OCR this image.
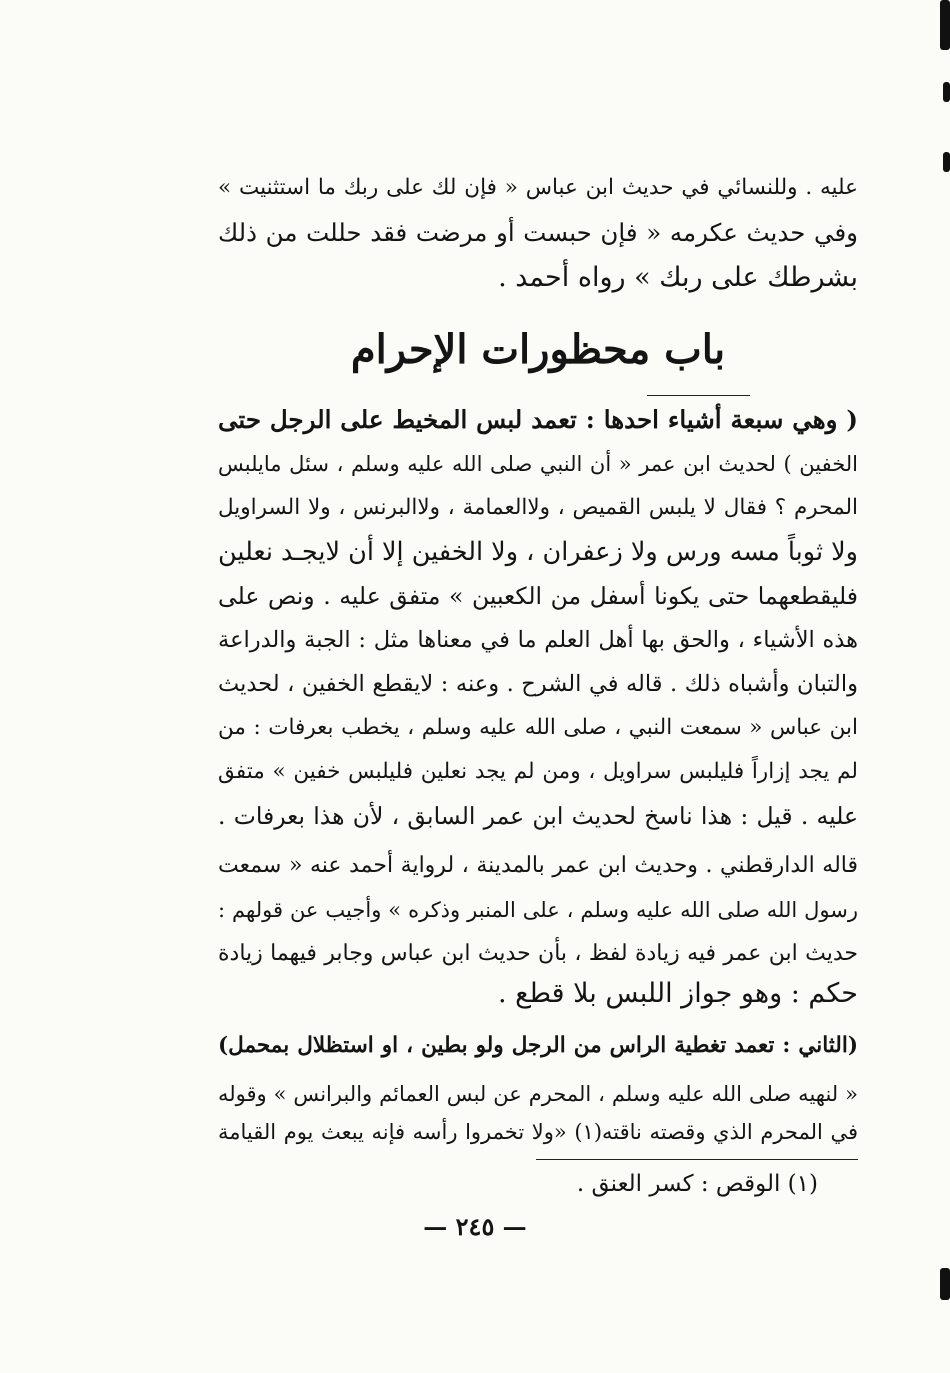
عليه . وللنسائي في حديث ابن عباس « فإن لك على ربك ما استثنيت »
وفي حديث عكرمه « فإن حبست أو مرضت فقد حللت من ذلك
بشرطك على ربك » رواه أحمد .
باب محظورات الإحرام
( وهي سبعة أشياء احدها : تعمد لبس المخيط على الرجل حتى
الخفين ) لحديث ابن عمر « أن النبي صلى الله عليه وسلم ، سئل مايلبس
المحرم ؟ فقال لا يلبس القميص ، ولاالعمامة ، ولاالبرنس ، ولا السراويل
ولا ثوباً مسه ورس ولا زعفران ، ولا الخفين إلا أن لايجـد نعلين
فليقطعهما حتى يكونا أسفل من الكعبين » متفق عليه . ونص على
هذه الأشياء ، والحق بها أهل العلم ما في معناها مثل : الجبة والدراعة
والتبان وأشباه ذلك . قاله في الشرح . وعنه : لايقطع الخفين ، لحديث
ابن عباس « سمعت النبي ، صلى الله عليه وسلم ، يخطب بعرفات : من
لم يجد إزاراً فليلبس سراويل ، ومن لم يجد نعلين فليلبس خفين » متفق
عليه . قيل : هذا ناسخ لحديث ابن عمر السابق ، لأن هذا بعرفات .
قاله الدارقطني . وحديث ابن عمر بالمدينة ، لرواية أحمد عنه « سمعت
رسول الله صلى الله عليه وسلم ، على المنبر وذكره » وأجيب عن قولهم :
حديث ابن عمر فيه زيادة لفظ ، بأن حديث ابن عباس وجابر فيهما زيادة
حكم : وهو جواز اللبس بلا قطع .
(الثاني : تعمد تغطية الراس من الرجل ولو بطين ، او استظلال بمحمل)
« لنهيه صلى الله عليه وسلم ، المحرم عن لبس العمائم والبرانس » وقوله
في المحرم الذي وقصته ناقته(١) «ولا تخمروا رأسه فإنه يبعث يوم القيامة
(١) الوقص : كسر العنق .
— ٢٤٥ —
